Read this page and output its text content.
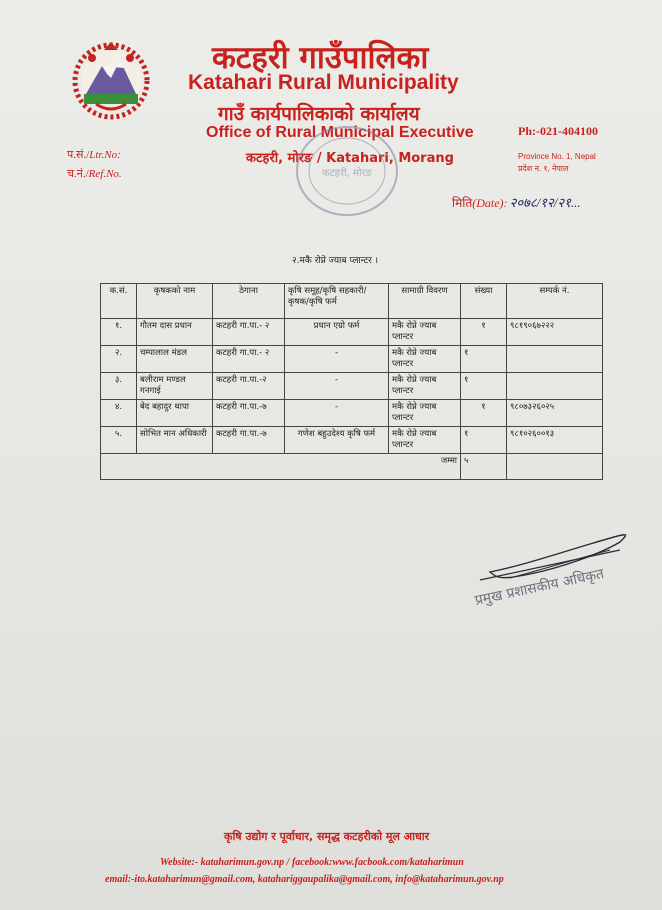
कटहरी गाउँपालिका
Katahari Rural Municipality
गाउँ कार्यपालिकाको कार्यालय
Office of Rural Municipal Executive
कटहरी, मोरङ / Katahari, Morang
Ph:-021-404100
Province No. 1, Nepal
प्रदेश न. १, नेपाल
प.सं./Ltr.No:
च.नं./Ref.No.	कटहरी, मोरङ
मिति(Date): २०७८/१२/२१...
२.मकै रोप्ने ज्याब प्लान्टर ।
क.सं.	कृषकको नाम	ठेगाना	कृषि समूह/कृषि सहकारी/कृषक/कृषि फर्म	सामाग्री विवरण	संख्या	सम्पर्क नं.
१.	गौतम दास प्रधान	कटहरी गा.पा.- २	प्रधान एग्रो फर्म	मकै रोप्ने ज्याब प्लान्टर	१	९८१९०६७२२२
२.	चम्पालाल मंडल	कटहरी गा.पा.- २	-	मकै रोप्ने ज्याब प्लान्टर	१	
३.	बलीराम मण्डल गनगाई	कटहरी गा.पा.-२	-	मकै रोप्ने ज्याब प्लान्टर	१	
४.	बेद बहादुर थापा	कटहरी गा.पा.-७	-	मकै रोप्ने ज्याब प्लान्टर	१	९८०७३२६०२५
५.	सोभित मान अधिकारी	कटहरी गा.पा.-७	गणेश बहुउदेश्य कृषि फर्म	मकै रोप्ने ज्याब प्लान्टर	१	९८१०२६००१३
जम्मा					५	
प्रमुख प्रशासकीय अधिकृत
कृषि उद्योग र पूर्वाधार, समृद्ध कटहरीको मूल आधार
Website:- kataharimun.gov.np / facebook:www.facbook.com/kataharimun
email:-ito.kataharimun@gmail.com, katahariggaupalika@gmail.com, info@kataharimun.gov.np
